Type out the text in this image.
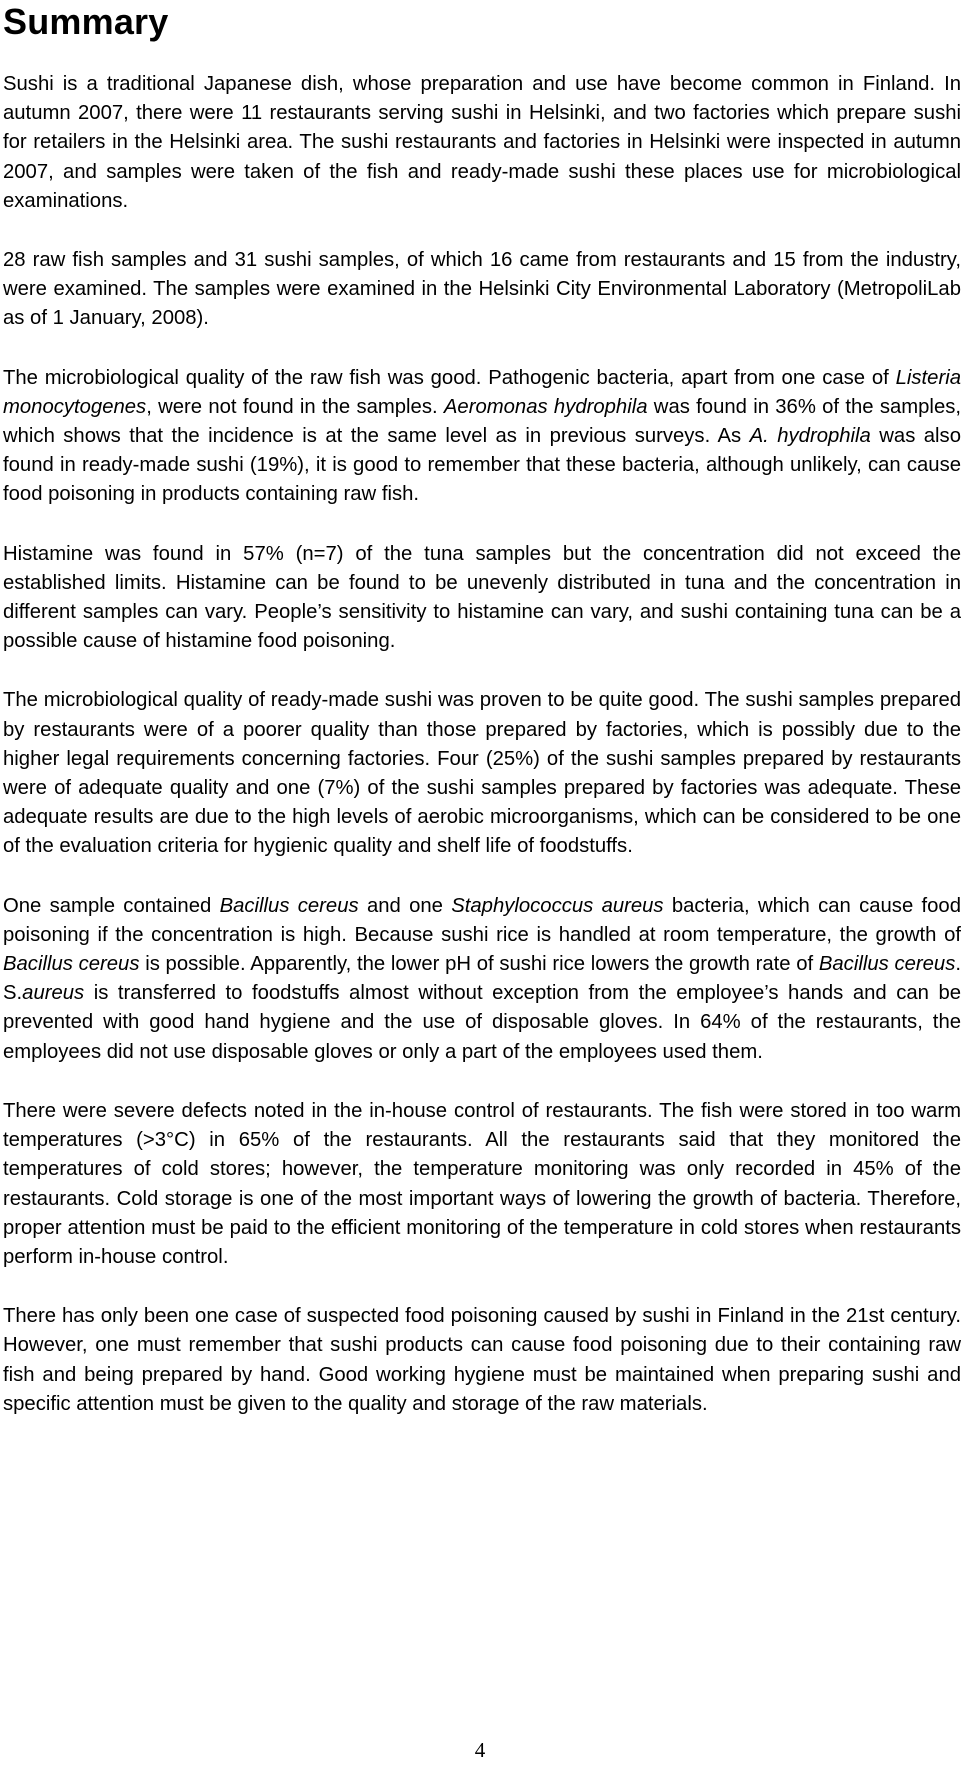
Summary

Sushi is a traditional Japanese dish, whose preparation and use have become common in Finland. In autumn 2007, there were 11 restaurants serving sushi in Helsinki, and two factories which prepare sushi for retailers in the Helsinki area. The sushi restaurants and factories in Helsinki were inspected in autumn 2007, and samples were taken of the fish and ready-made sushi these places use for microbiological examinations.

28 raw fish samples and 31 sushi samples, of which 16 came from restaurants and 15 from the industry, were examined. The samples were examined in the Helsinki City Environmental Laboratory (MetropoliLab as of 1 January, 2008).

The microbiological quality of the raw fish was good. Pathogenic bacteria, apart from one case of Listeria monocytogenes, were not found in the samples. Aeromonas hydrophila was found in 36% of the samples, which shows that the incidence is at the same level as in previous surveys. As A. hydrophila was also found in ready-made sushi (19%), it is good to remember that these bacteria, although unlikely, can cause food poisoning in products containing raw fish.

Histamine was found in 57% (n=7) of the tuna samples but the concentration did not exceed the established limits. Histamine can be found to be unevenly distributed in tuna and the concentration in different samples can vary. People’s sensitivity to histamine can vary, and sushi containing tuna can be a possible cause of histamine food poisoning.

The microbiological quality of ready-made sushi was proven to be quite good. The sushi samples prepared by restaurants were of a poorer quality than those prepared by factories, which is possibly due to the higher legal requirements concerning factories. Four (25%) of the sushi samples prepared by restaurants were of adequate quality and one (7%) of the sushi samples prepared by factories was adequate. These adequate results are due to the high levels of aerobic microorganisms, which can be considered to be one of the evaluation criteria for hygienic quality and shelf life of foodstuffs.

One sample contained Bacillus cereus and one Staphylococcus aureus bacteria, which can cause food poisoning if the concentration is high. Because sushi rice is handled at room temperature, the growth of Bacillus cereus is possible. Apparently, the lower pH of sushi rice lowers the growth rate of Bacillus cereus. S.aureus is transferred to foodstuffs almost without exception from the employee’s hands and can be prevented with good hand hygiene and the use of disposable gloves. In 64% of the restaurants, the employees did not use disposable gloves or only a part of the employees used them.

There were severe defects noted in the in-house control of restaurants. The fish were stored in too warm temperatures (>3°C) in 65% of the restaurants. All the restaurants said that they monitored the temperatures of cold stores; however, the temperature monitoring was only recorded in 45% of the restaurants. Cold storage is one of the most important ways of lowering the growth of bacteria. Therefore, proper attention must be paid to the efficient monitoring of the temperature in cold stores when restaurants perform in-house control.

There has only been one case of suspected food poisoning caused by sushi in Finland in the 21st century. However, one must remember that sushi products can cause food poisoning due to their containing raw fish and being prepared by hand. Good working hygiene must be maintained when preparing sushi and specific attention must be given to the quality and storage of the raw materials.

4
